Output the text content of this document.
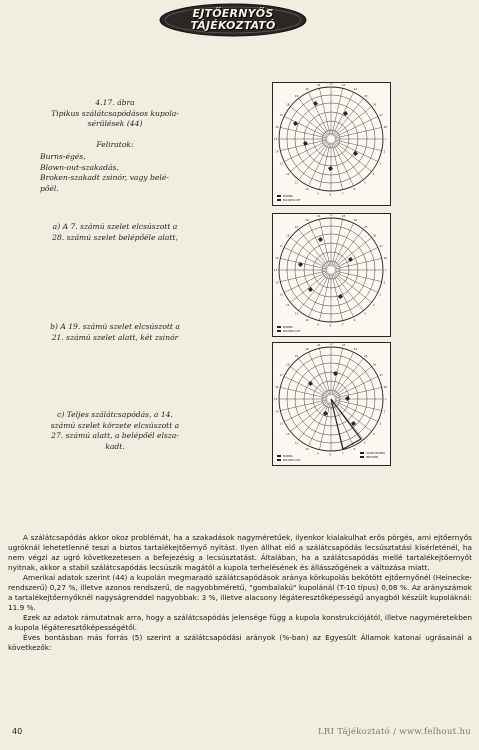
EJTŐERNYŐS
TÁJÉKOZTATÓ
4.17. ábra
Tipikus szálátcsapódásos kupola-
sérülések (44)
Feliratok:
Burns-égés,
Blown-out-szakadás,
Broken-szakadt zsinór, vagy belé-
pőél.
a) A 7. számú szelet elcsúszott a
28. számú szelet belépőéle alatt,
b) A 19. számú szelet elcsúszott a
21. számú szelet alatt, két zsinór
c) Teljes szálátcsapódás, a 14.
számú szelet körzete elcsúszott a
27. számú alatt, a belépőél elsza-
kadt.
1
2
3
4
5
6
7
8
9
10
11
12
13
14
15
16
17
18
19
20
21	22	23
24
25
26
27
28
BURNS
BLOWN-OUT
1
2
3
4
5
6
7
8
9
10
11
12
13
14
15
16
17
18
19
20
21	22	23
24
25
26
27
28
BURNS
BLOWN-OUT
1
2
3
4
5
6
7
8
9
10
11
12
13
14
15
16
17
18
19
20
21	22	23
24
25
26
27
28
BURNS
BLOWN-OUT
SKIRT BURNS
BROKEN

A szálátcsapódás akkor okoz problémát, ha a szakadások nagyméretűek, ilyenkor kialakulhat erős pörgés, ami ejtőernyős ugróknál lehetetlenné teszi a biztos tartalékejtőernyő nyitást. Ilyen állhat elő a szálátcsapódás lecsúsztatási kísérleténél, ha nem végzi az ugró következetesen a befejezésig a lecsúsztatást. Általában, ha a szálátcsapódás mellé tartalékejtőernyőt nyitnak, akkor a stabil szálátcsapódás lecsúszik magától a kupola terhelésének és állásszögének a változása miatt.

Amerikai adatok szerint (44) a kupolán megmaradó szálátcsapódások aránya körkupolás bekötött ejtőernyőnél (Heinecke-rendszerű) 0,27 %, illetve azonos rendszerű, de nagyobbméretű, "gombalakú" kupolánál (T-10 típus) 0,08 %. Az arányszámok a tartalékejtőernyőknél nagyságrenddel nagyobbak: 3 %, illetve alacsony légáteresztőképességű anyagból készült kupoláknál: 11.9 %.

Ezek az adatok rámutatnak arra, hogy a szálátcsapódás jelensége függ a kupola konstrukciójától, illetve nagyméretekben a kupola légáteresztőképességétől.

Éves bontásban más forrás (5) szerint a szálátcsapódási arányok (%-ban) az Egyesült Államok katonai ugrásainál a következők:

40	LRI Tájékoztató / www.felhout.hu
